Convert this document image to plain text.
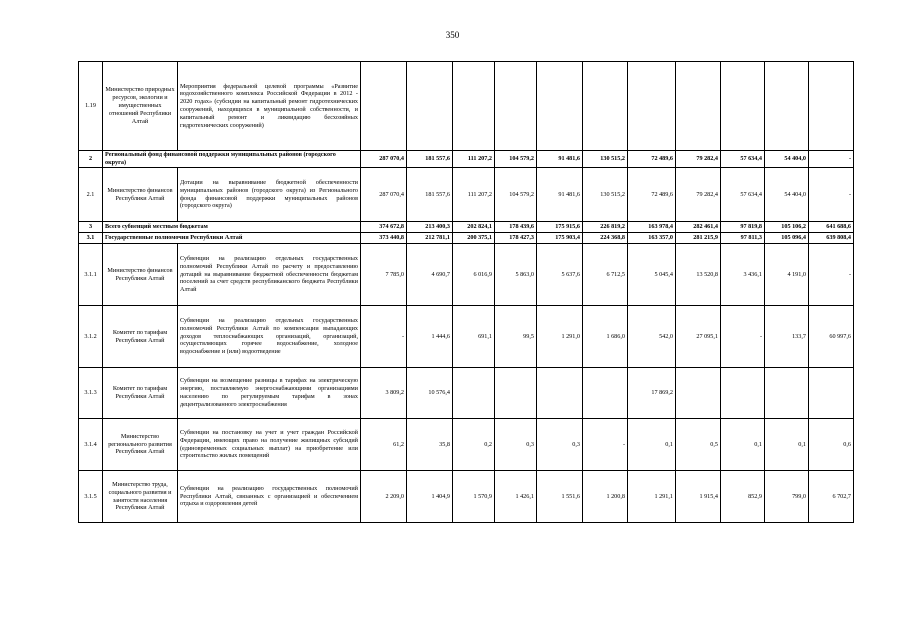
350
1.19	Министерство природных ресурсов, экологии и имущественных отношений Республики Алтай	Мероприятия федеральной целевой программы «Развитие водохозяйственного комплекса Российской Федерации в 2012 - 2020 годах» (субсидии на капитальный ремонт гидротехнических сооружений, находящихся в муниципальной собственности, и капитальный ремонт и ликвидацию бесхозяйных гидротехнических сооружений)											
2	Региональный фонд финансовой поддержки муниципальных районов (городского округа)		287 070,4	181 557,6	111 207,2	104 579,2	91 481,6	130 515,2	72 489,6	79 282,4	57 634,4	54 404,0	-
2.1	Министерство финансов Республики Алтай	Дотации на выравнивание бюджетной обеспеченности муниципальных районов (городского округа) из Регионального фонда финансовой поддержки муниципальных районов (городского округа)	287 070,4	181 557,6	111 207,2	104 579,2	91 481,6	130 515,2	72 489,6	79 282,4	57 634,4	54 404,0	-
3	Всего субвенций местным бюджетам		374 672,8	213 400,3	202 824,1	178 439,6	175 915,6	226 819,2	163 978,4	282 461,4	97 819,8	105 106,2	641 688,6
3.1	Государственные полномочия Республики Алтай		373 440,8	212 781,1	200 375,1	178 427,3	175 903,4	224 368,8	163 357,0	281 215,9	97 811,3	105 096,4	639 808,4
3.1.1	Министерство финансов Республики Алтай	Субвенции на реализацию отдельных государственных полномочий Республики Алтай по расчету и предоставлению дотаций на выравнивание бюджетной обеспеченности бюджетам поселений за счет средств республиканского бюджета Республики Алтай	7 785,0	4 690,7	6 016,9	5 863,0	5 637,6	6 712,5	5 045,4	13 520,8	3 436,1	4 191,0	-
3.1.2	Комитет по тарифам Республики Алтай	Субвенции на реализацию отдельных государственных полномочий Республики Алтай по компенсации выпадающих доходов теплоснабжающих организаций, организаций, осуществляющих горячее водоснабжение, холодное водоснабжение и (или) водоотведение	-	1 444,6	691,1	99,5	1 291,0	1 686,0	542,0	27 095,1	-	133,7	60 997,6
3.1.3	Комитет по тарифам Республики Алтай	Субвенции на возмещение разницы в тарифах на электрическую энергию, поставляемую энергоснабжающими организациями населению по регулируемым тарифам в зонах децентрализованного электроснабжения	3 809,2	10 576,4					17 869,2				
3.1.4	Министерство регионального развития Республики Алтай	Субвенции на постановку на учет и учет граждан Российской Федерации, имеющих право на получение жилищных субсидий (единовременных социальных выплат) на приобретение или строительство жилых помещений	61,2	35,8	0,2	0,3	0,3	-	0,1	0,5	0,1	0,1	0,6
3.1.5	Министерство труда, социального развития и занятости населения Республики Алтай	Субвенции на реализацию государственных полномочий Республики Алтай, связанных с организацией и обеспечением отдыха и оздоровления детей	2 209,0	1 404,9	1 570,9	1 426,1	1 551,6	1 200,8	1 291,1	1 915,4	852,9	799,0	6 702,7
